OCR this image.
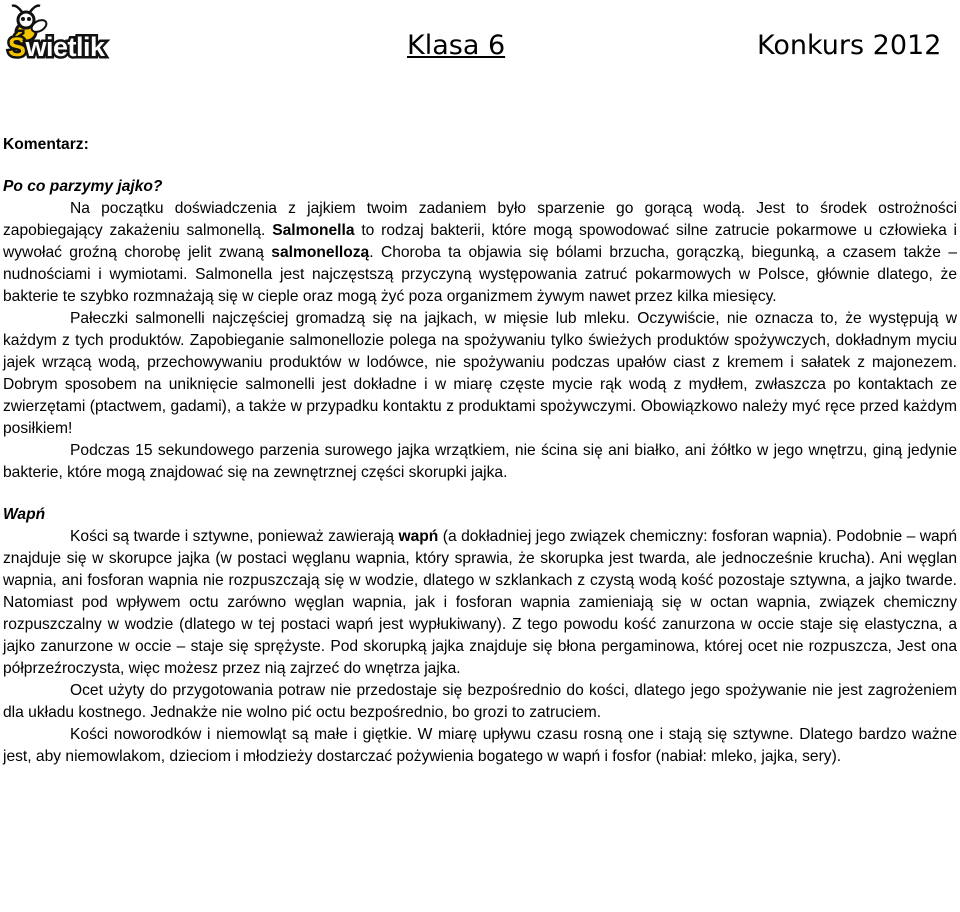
Świetlik	Klasa 6	Konkurs 2012
Komentarz:
Po co parzymy jajko?

Na początku doświadczenia z jajkiem twoim zadaniem było sparzenie go gorącą wodą. Jest to środek ostrożności zapobiegający zakażeniu salmonellą. Salmonella to rodzaj bakterii, które mogą spowodować silne zatrucie pokarmowe u człowieka i wywołać groźną chorobę jelit zwaną salmonellozą. Choroba ta objawia się bólami brzucha, gorączką, biegunką, a czasem także – nudnościami i wymiotami. Salmonella jest najczęstszą przyczyną występowania zatruć pokarmowych w Polsce, głównie dlatego, że bakterie te szybko rozmnażają się w cieple oraz mogą żyć poza organizmem żywym nawet przez kilka miesięcy.

Pałeczki salmonelli najczęściej gromadzą się na jajkach, w mięsie lub mleku. Oczywiście, nie oznacza to, że występują w każdym z tych produktów. Zapobieganie salmonellozie polega na spożywaniu tylko świeżych produktów spożywczych, dokładnym myciu jajek wrzącą wodą, przechowywaniu produktów w lodówce, nie spożywaniu podczas upałów ciast z kremem i sałatek z majonezem. Dobrym sposobem na uniknięcie salmonelli jest dokładne i w miarę częste mycie rąk wodą z mydłem, zwłaszcza po kontaktach ze zwierzętami (ptactwem, gadami), a także w przypadku kontaktu z produktami spożywczymi. Obowiązkowo należy myć ręce przed każdym posiłkiem!

Podczas 15 sekundowego parzenia surowego jajka wrzątkiem, nie ścina się ani białko, ani żółtko w jego wnętrzu, giną jedynie bakterie, które mogą znajdować się na zewnętrznej części skorupki jajka.

Wapń

Kości są twarde i sztywne, ponieważ zawierają wapń (a dokładniej jego związek chemiczny: fosforan wapnia). Podobnie – wapń znajduje się w skorupce jajka (w postaci węglanu wapnia, który sprawia, że skorupka jest twarda, ale jednocześnie krucha). Ani węglan wapnia, ani fosforan wapnia nie rozpuszczają się w wodzie, dlatego w szklankach z czystą wodą kość pozostaje sztywna, a jajko twarde. Natomiast pod wpływem octu zarówno węglan wapnia, jak i fosforan wapnia zamieniają się w octan wapnia, związek chemiczny rozpuszczalny w wodzie (dlatego w tej postaci wapń jest wypłukiwany). Z tego powodu kość zanurzona w occie staje się elastyczna, a jajko zanurzone w occie – staje się sprężyste. Pod skorupką jajka znajduje się błona pergaminowa, której ocet nie rozpuszcza, Jest ona półprzeźroczysta, więc możesz przez nią zajrzeć do wnętrza jajka.

Ocet użyty do przygotowania potraw nie przedostaje się bezpośrednio do kości, dlatego jego spożywanie nie jest zagrożeniem dla układu kostnego. Jednakże nie wolno pić octu bezpośrednio, bo grozi to zatruciem.

Kości noworodków i niemowląt są małe i giętkie. W miarę upływu czasu rosną one i stają się sztywne. Dlatego bardzo ważne jest, aby niemowlakom, dzieciom i młodzieży dostarczać pożywienia bogatego w wapń i fosfor (nabiał: mleko, jajka, sery).
